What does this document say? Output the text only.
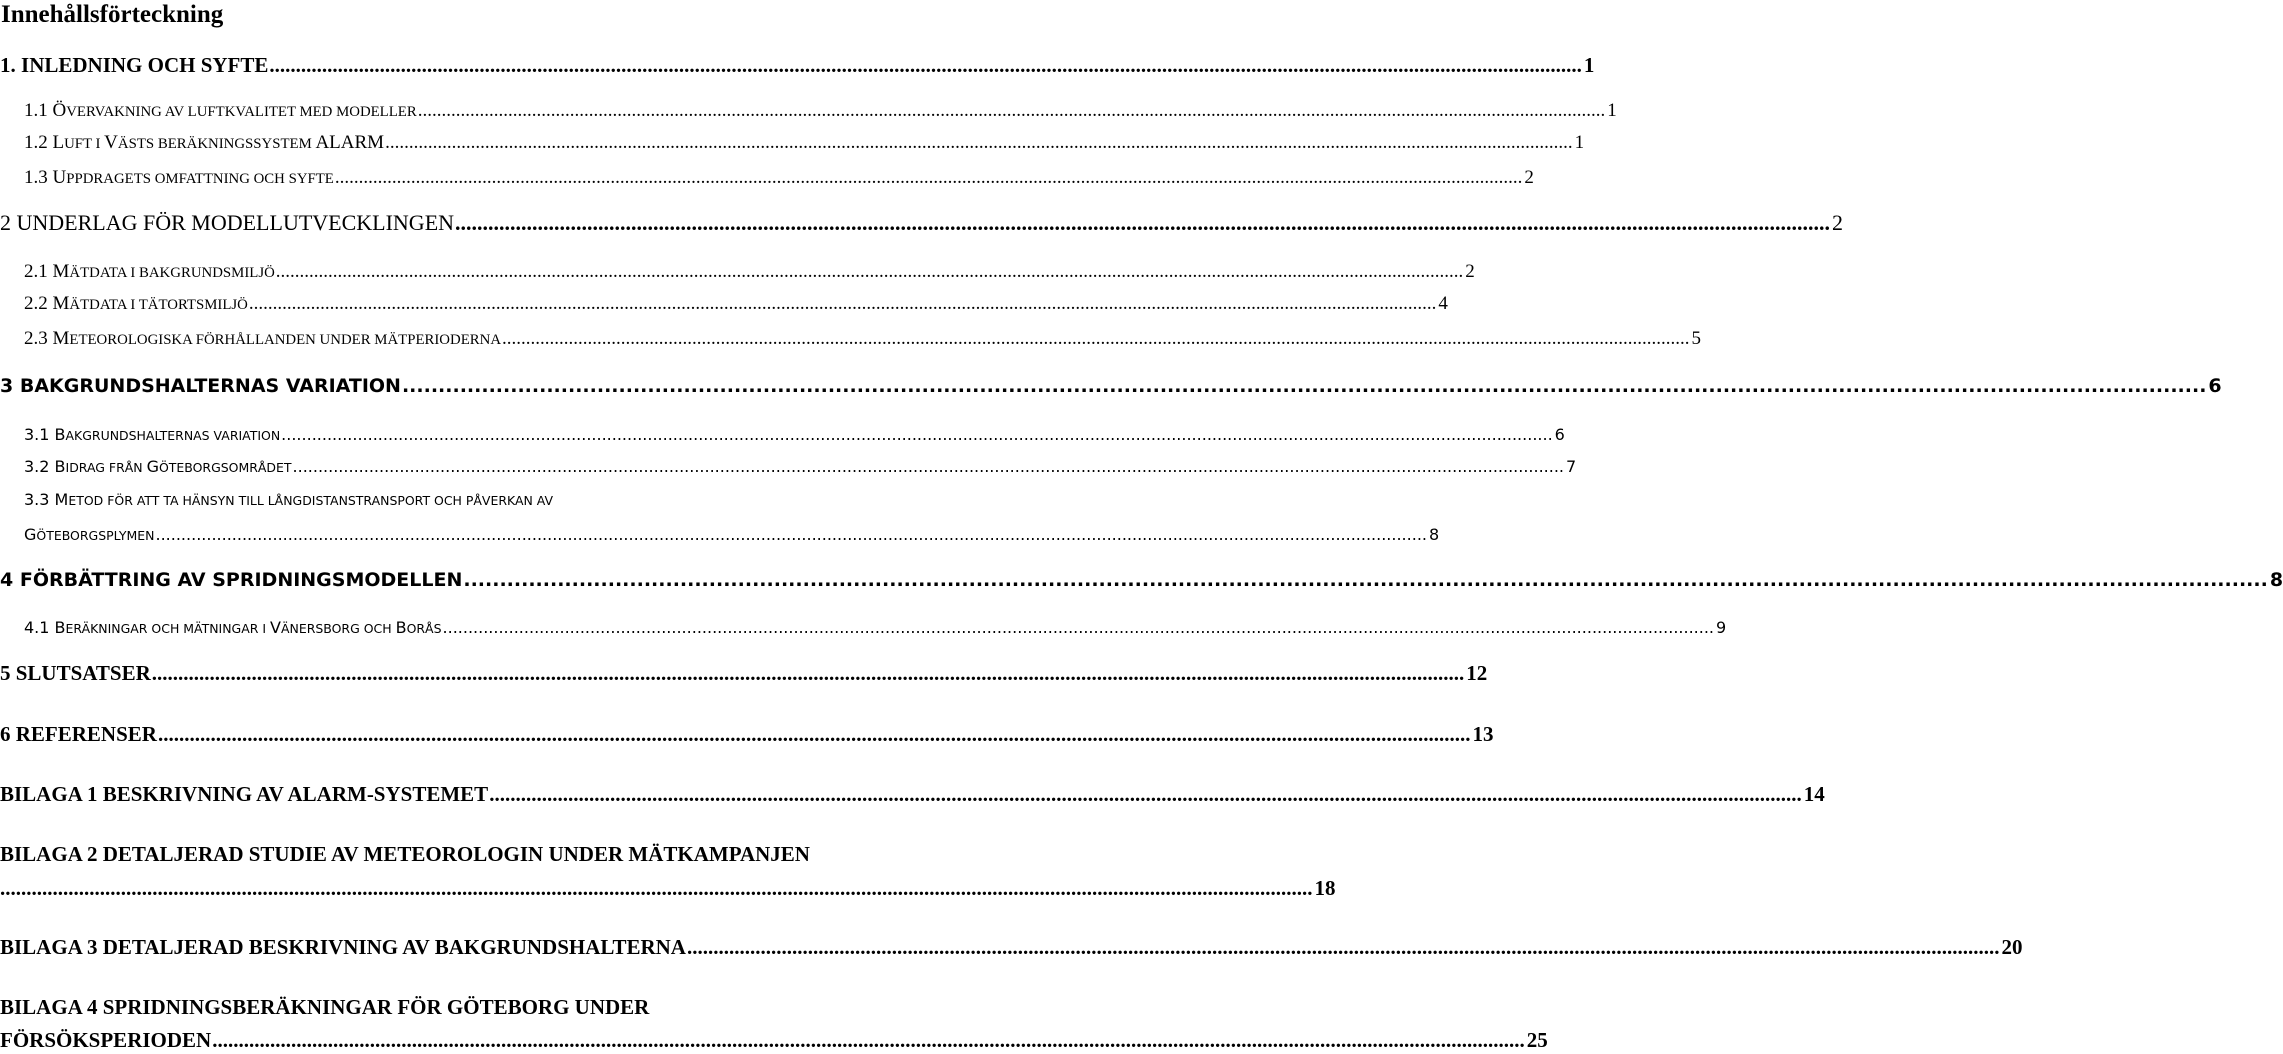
Innehållsförteckning
1. INLEDNING OCH SYFTE .......................................................................................................................................................................................................................................................... 1
1.1 ÖVERVAKNING AV LUFTKVALITET MED MODELLER .......................................................................................................................................................................................................................................................... 1
1.2 LUFT I VÄSTS BERÄKNINGSSYSTEM ALARM .......................................................................................................................................................................................................................................................... 1
1.3 UPPDRAGETS OMFATTNING OCH SYFTE .......................................................................................................................................................................................................................................................... 2
2 UNDERLAG FÖR MODELLUTVECKLINGEN .......................................................................................................................................................................................................................................................... 2
2.1 MÄTDATA I BAKGRUNDSMILJÖ .......................................................................................................................................................................................................................................................... 2
2.2 MÄTDATA I TÄTORTSMILJÖ .......................................................................................................................................................................................................................................................... 4
2.3 METEOROLOGISKA FÖRHÅLLANDEN UNDER MÄTPERIODERNA .......................................................................................................................................................................................................................................................... 5
3 BAKGRUNDSHALTERNAS VARIATION .......................................................................................................................................................................................................................................................... 6
3.1 BAKGRUNDSHALTERNAS VARIATION .......................................................................................................................................................................................................................................................... 6
3.2 BIDRAG FRÅN GÖTEBORGSOMRÅDET .......................................................................................................................................................................................................................................................... 7
3.3 METOD FÖR ATT TA HÄNSYN TILL LÅNGDISTANSTRANSPORT OCH PÅVERKAN AV
GÖTEBORGSPLYMEN .......................................................................................................................................................................................................................................................... 8
4 FÖRBÄTTRING AV SPRIDNINGSMODELLEN .......................................................................................................................................................................................................................................................... 8
4.1 BERÄKNINGAR OCH MÄTNINGAR I VÄNERSBORG OCH BORÅS .......................................................................................................................................................................................................................................................... 9
5 SLUTSATSER .......................................................................................................................................................................................................................................................... 12
6 REFERENSER .......................................................................................................................................................................................................................................................... 13
BILAGA 1 BESKRIVNING AV ALARM-SYSTEMET .......................................................................................................................................................................................................................................................... 14
BILAGA 2 DETALJERAD STUDIE AV METEOROLOGIN UNDER MÄTKAMPANJEN
.......................................................................................................................................................................................................................................................... 18
BILAGA 3 DETALJERAD BESKRIVNING AV BAKGRUNDSHALTERNA .......................................................................................................................................................................................................................................................... 20
BILAGA 4 SPRIDNINGSBERÄKNINGAR FÖR GÖTEBORG UNDER
FÖRSÖKSPERIODEN .......................................................................................................................................................................................................................................................... 25
